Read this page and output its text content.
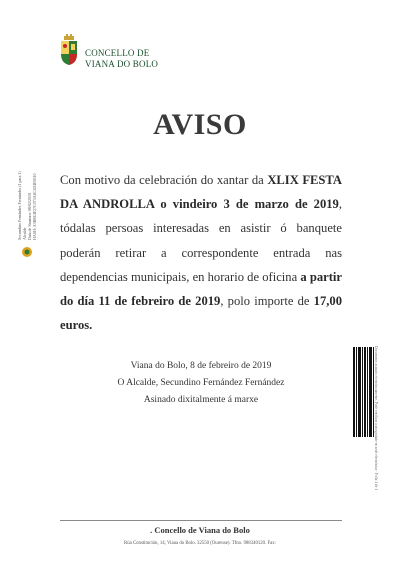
CONCELLO DE
VIANA DO BOLO
Secundino Fernández Fernández (1 para 1) Alcalde Data de Sinatura: 08/02/2019 HASH: A3B8E4F27C073A4C5D4E9510
AVISO
Con motivo da celebración do xantar da XLIX FESTA DA ANDROLLA o vindeiro 3 de marzo de 2019, tódalas persoas interesadas en asistir ó banquete poderán retirar a correspondente entrada nas dependencias municipais, en horario de oficina a partir do día 11 de febreiro de 2019, polo importe de 17,00 euros.
Viana do Bolo, 8 de febreiro de 2019
O Alcalde, Secundino Fernández Fernández
Asinado dixitalmente á marxe	Documento asinado electrónicamente. Pode verificar a integridade en sede electrónica · Folla 1 de 1
. Concello de Viana do Bolo
Rúa Constitución, 14, Viana do Bolo. 32550 (Ourense). Tfno. 988340120. Fax:
